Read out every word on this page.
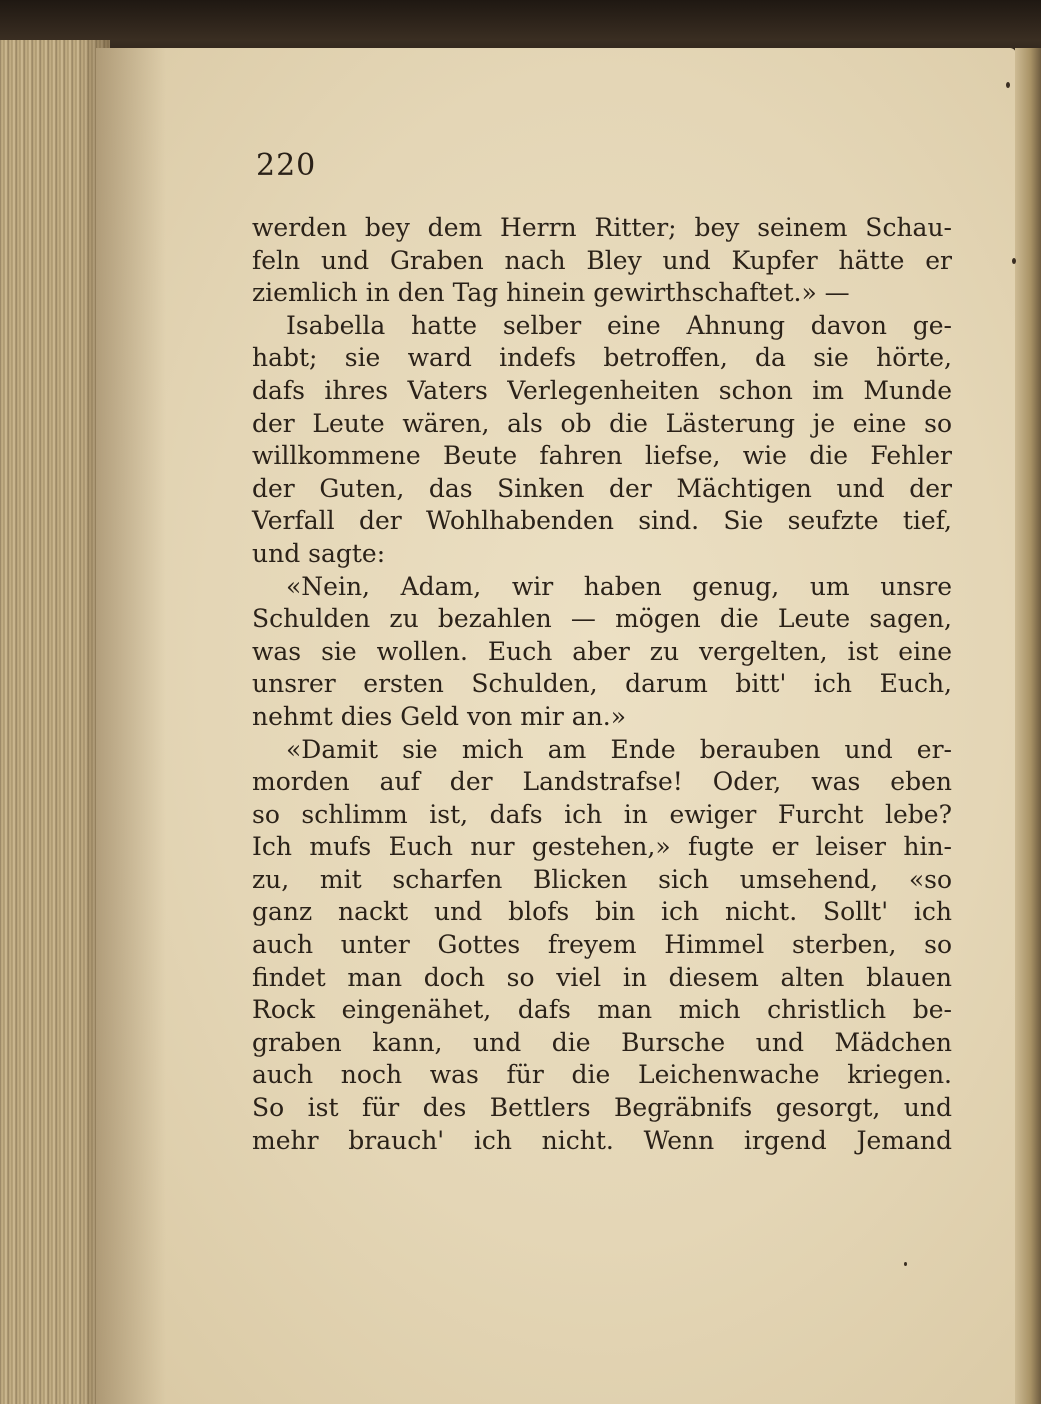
220

werden bey dem Herrn Ritter; bey seinem Schau-
feln und Graben nach Bley und Kupfer hätte er
ziemlich in den Tag hinein gewirthschaftet.» —
Isabella hatte selber eine Ahnung davon ge-
habt; sie ward indefs betroffen, da sie hörte,
dafs ihres Vaters Verlegenheiten schon im Munde
der Leute wären, als ob die Lästerung je eine so
willkommene Beute fahren liefse, wie die Fehler
der Guten, das Sinken der Mächtigen und der
Verfall der Wohlhabenden sind. Sie seufzte tief,
und sagte:
«Nein, Adam, wir haben genug, um unsre
Schulden zu bezahlen — mögen die Leute sagen,
was sie wollen. Euch aber zu vergelten, ist eine
unsrer ersten Schulden, darum bitt' ich Euch,
nehmt dies Geld von mir an.»
«Damit sie mich am Ende berauben und er-
morden auf der Landstrafse! Oder, was eben
so schlimm ist, dafs ich in ewiger Furcht lebe?
Ich mufs Euch nur gestehen,» fugte er leiser hin-
zu, mit scharfen Blicken sich umsehend, «so
ganz nackt und blofs bin ich nicht. Sollt' ich
auch unter Gottes freyem Himmel sterben, so
findet man doch so viel in diesem alten blauen
Rock eingenähet, dafs man mich christlich be-
graben kann, und die Bursche und Mädchen
auch noch was für die Leichenwache kriegen.
So ist für des Bettlers Begräbnifs gesorgt, und
mehr brauch' ich nicht. Wenn irgend Jemand
